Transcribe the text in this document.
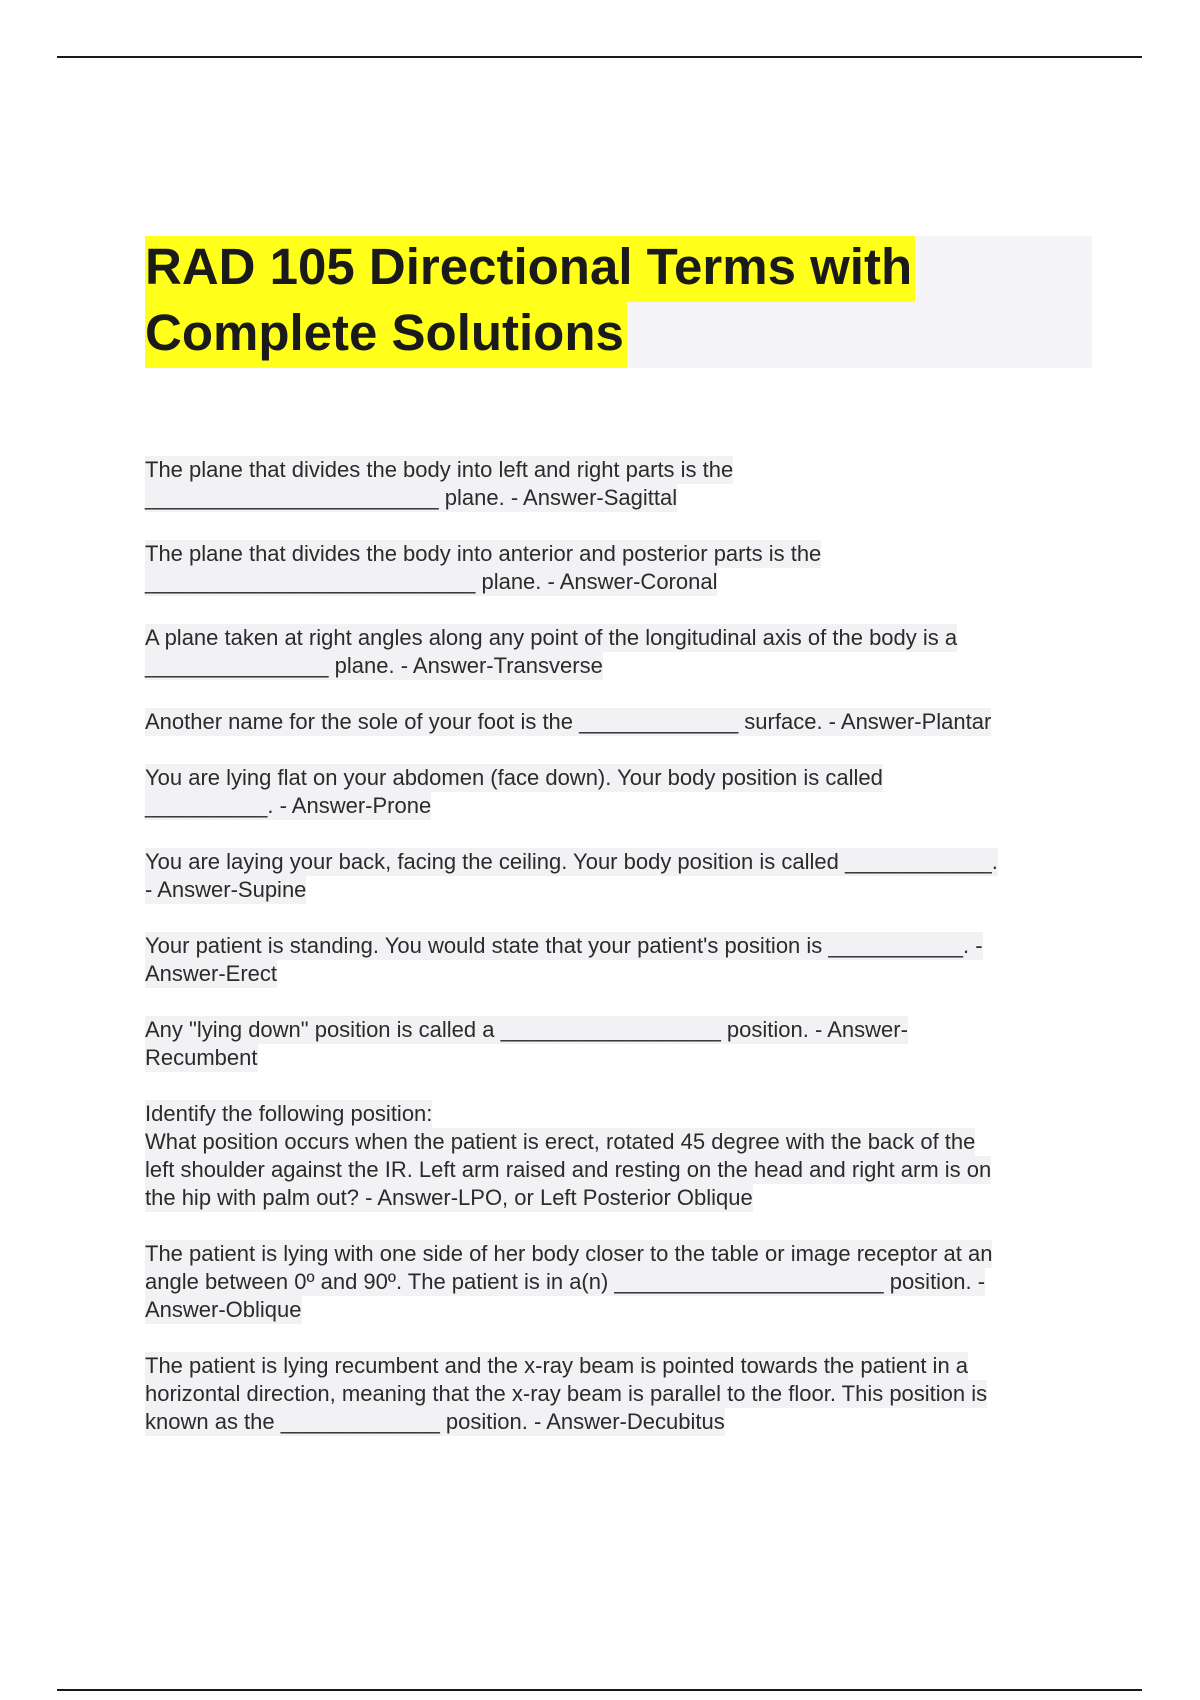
RAD 105 Directional Terms with
Complete Solutions
The plane that divides the body into left and right parts is the
________________________ plane. - Answer-Sagittal
The plane that divides the body into anterior and posterior parts is the
___________________________ plane. - Answer-Coronal
A plane taken at right angles along any point of the longitudinal axis of the body is a
_______________ plane. - Answer-Transverse
Another name for the sole of your foot is the _____________ surface. - Answer-Plantar
You are lying flat on your abdomen (face down). Your body position is called
__________. - Answer-Prone
You are laying your back, facing the ceiling. Your body position is called ____________.
- Answer-Supine
Your patient is standing. You would state that your patient's position is ___________. -
Answer-Erect
Any "lying down" position is called a __________________ position. - Answer-
Recumbent
Identify the following position:
What position occurs when the patient is erect, rotated 45 degree with the back of the
left shoulder against the IR. Left arm raised and resting on the head and right arm is on
the hip with palm out? - Answer-LPO, or Left Posterior Oblique
The patient is lying with one side of her body closer to the table or image receptor at an
angle between 0º and 90º. The patient is in a(n) ______________________ position. -
Answer-Oblique
The patient is lying recumbent and the x-ray beam is pointed towards the patient in a
horizontal direction, meaning that the x-ray beam is parallel to the floor. This position is
known as the _____________ position. - Answer-Decubitus
